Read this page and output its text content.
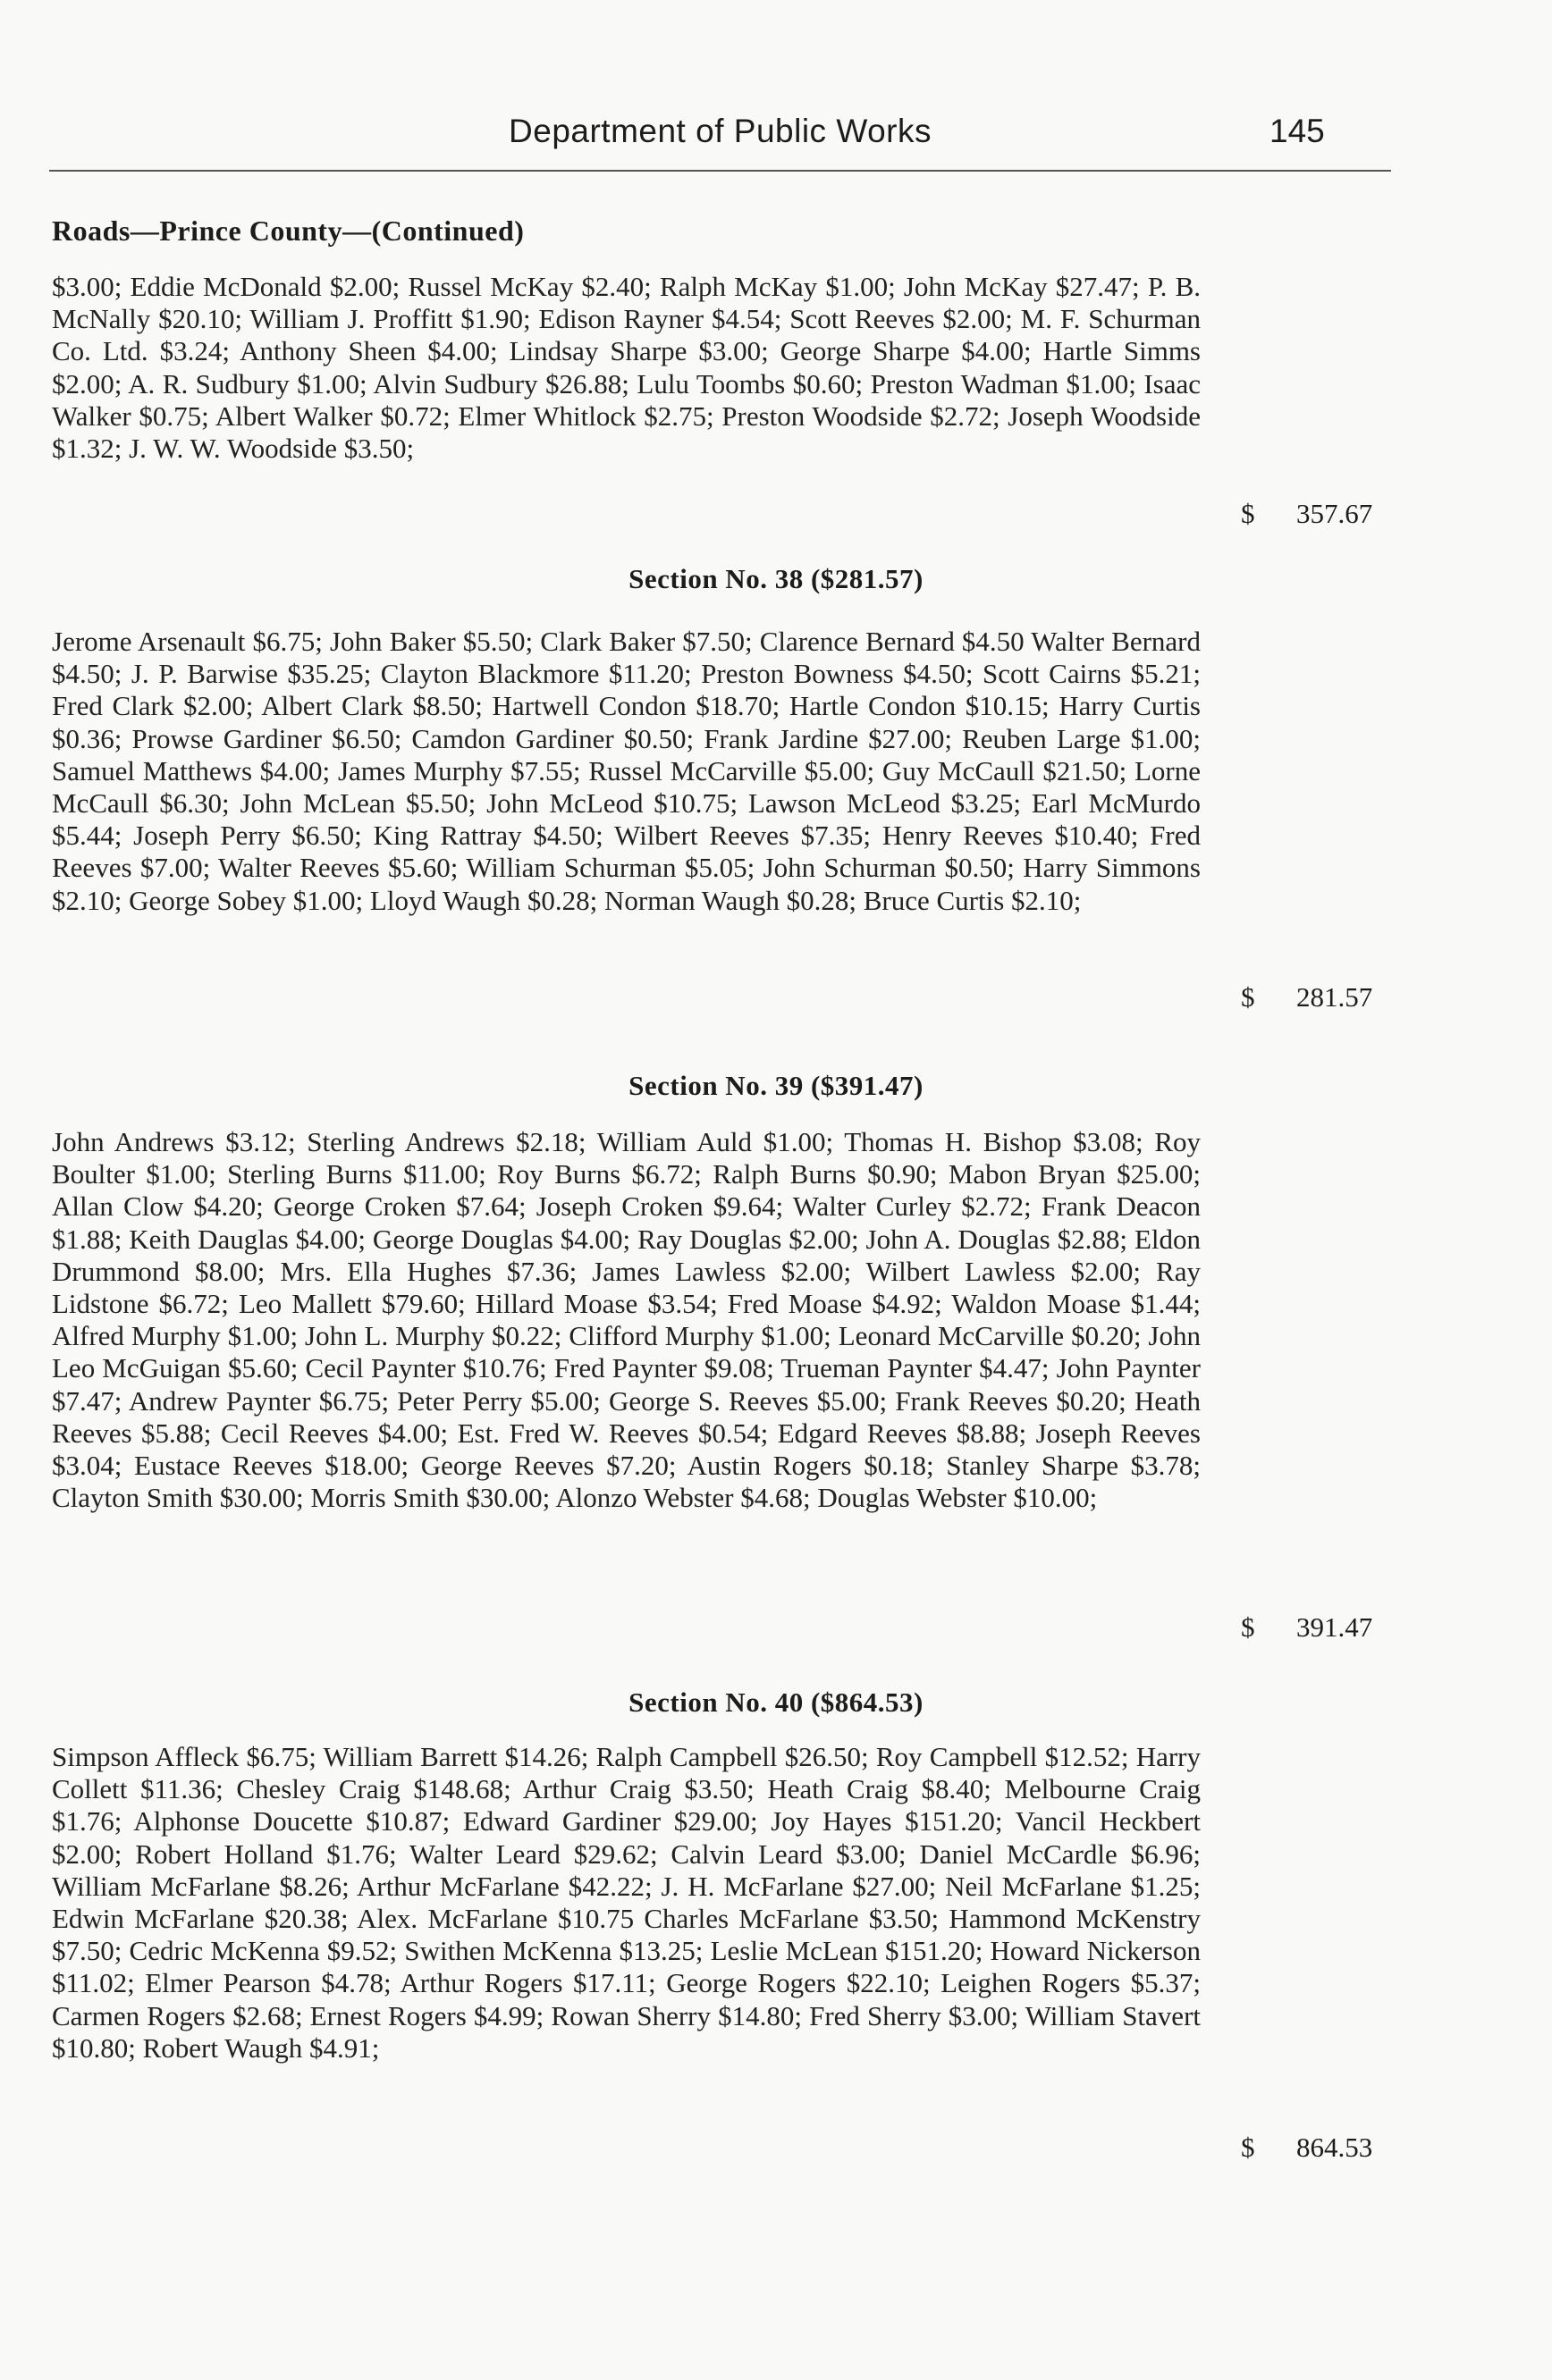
Department of Public Works	145
Roads—Prince County—(Continued)
$3.00; Eddie McDonald $2.00; Russel McKay $2.40; Ralph McKay $1.00; John McKay $27.47; P. B. McNally $20.10; William J. Proffitt $1.90; Edison Rayner $4.54; Scott Reeves $2.00; M. F. Schurman Co. Ltd. $3.24; Anthony Sheen $4.00; Lindsay Sharpe $3.00; George Sharpe $4.00; Hartle Simms $2.00; A. R. Sudbury $1.00; Alvin Sudbury $26.88; Lulu Toombs $0.60; Preston Wadman $1.00; Isaac Walker $0.75; Albert Walker $0.72; Elmer Whitlock $2.75; Preston Woodside $2.72; Joseph Woodside $1.32; J. W. W. Woodside $3.50;
$ 357.67
Section No. 38 ($281.57)
Jerome Arsenault $6.75; John Baker $5.50; Clark Baker $7.50; Clarence Bernard $4.50 Walter Bernard $4.50; J. P. Barwise $35.25; Clayton Blackmore $11.20; Preston Bowness $4.50; Scott Cairns $5.21; Fred Clark $2.00; Albert Clark $8.50; Hartwell Condon $18.70; Hartle Condon $10.15; Harry Curtis $0.36; Prowse Gardiner $6.50; Camdon Gardiner $0.50; Frank Jardine $27.00; Reuben Large $1.00; Samuel Matthews $4.00; James Murphy $7.55; Russel McCarville $5.00; Guy McCaull $21.50; Lorne McCaull $6.30; John McLean $5.50; John McLeod $10.75; Lawson McLeod $3.25; Earl McMurdo $5.44; Joseph Perry $6.50; King Rattray $4.50; Wilbert Reeves $7.35; Henry Reeves $10.40; Fred Reeves $7.00; Walter Reeves $5.60; William Schurman $5.05; John Schurman $0.50; Harry Simmons $2.10; George Sobey $1.00; Lloyd Waugh $0.28; Norman Waugh $0.28; Bruce Curtis $2.10;
$ 281.57
Section No. 39 ($391.47)
John Andrews $3.12; Sterling Andrews $2.18; William Auld $1.00; Thomas H. Bishop $3.08; Roy Boulter $1.00; Sterling Burns $11.00; Roy Burns $6.72; Ralph Burns $0.90; Mabon Bryan $25.00; Allan Clow $4.20; George Croken $7.64; Joseph Croken $9.64; Walter Curley $2.72; Frank Deacon $1.88; Keith Dauglas $4.00; George Douglas $4.00; Ray Douglas $2.00; John A. Douglas $2.88; Eldon Drummond $8.00; Mrs. Ella Hughes $7.36; James Lawless $2.00; Wilbert Lawless $2.00; Ray Lidstone $6.72; Leo Mallett $79.60; Hillard Moase $3.54; Fred Moase $4.92; Waldon Moase $1.44; Alfred Murphy $1.00; John L. Murphy $0.22; Clifford Murphy $1.00; Leonard McCarville $0.20; John Leo McGuigan $5.60; Cecil Paynter $10.76; Fred Paynter $9.08; Trueman Paynter $4.47; John Paynter $7.47; Andrew Paynter $6.75; Peter Perry $5.00; George S. Reeves $5.00; Frank Reeves $0.20; Heath Reeves $5.88; Cecil Reeves $4.00; Est. Fred W. Reeves $0.54; Edgard Reeves $8.88; Joseph Reeves $3.04; Eustace Reeves $18.00; George Reeves $7.20; Austin Rogers $0.18; Stanley Sharpe $3.78; Clayton Smith $30.00; Morris Smith $30.00; Alonzo Webster $4.68; Douglas Webster $10.00;
$ 391.47
Section No. 40 ($864.53)
Simpson Affleck $6.75; William Barrett $14.26; Ralph Campbell $26.50; Roy Campbell $12.52; Harry Collett $11.36; Chesley Craig $148.68; Arthur Craig $3.50; Heath Craig $8.40; Melbourne Craig $1.76; Alphonse Doucette $10.87; Edward Gardiner $29.00; Joy Hayes $151.20; Vancil Heckbert $2.00; Robert Holland $1.76; Walter Leard $29.62; Calvin Leard $3.00; Daniel McCardle $6.96; William McFarlane $8.26; Arthur McFarlane $42.22; J. H. McFarlane $27.00; Neil McFarlane $1.25; Edwin McFarlane $20.38; Alex. McFarlane $10.75 Charles McFarlane $3.50; Hammond McKenstry $7.50; Cedric McKenna $9.52; Swithen McKenna $13.25; Leslie McLean $151.20; Howard Nickerson $11.02; Elmer Pearson $4.78; Arthur Rogers $17.11; George Rogers $22.10; Leighen Rogers $5.37; Carmen Rogers $2.68; Ernest Rogers $4.99; Rowan Sherry $14.80; Fred Sherry $3.00; William Stavert $10.80; Robert Waugh $4.91;
$ 864.53
